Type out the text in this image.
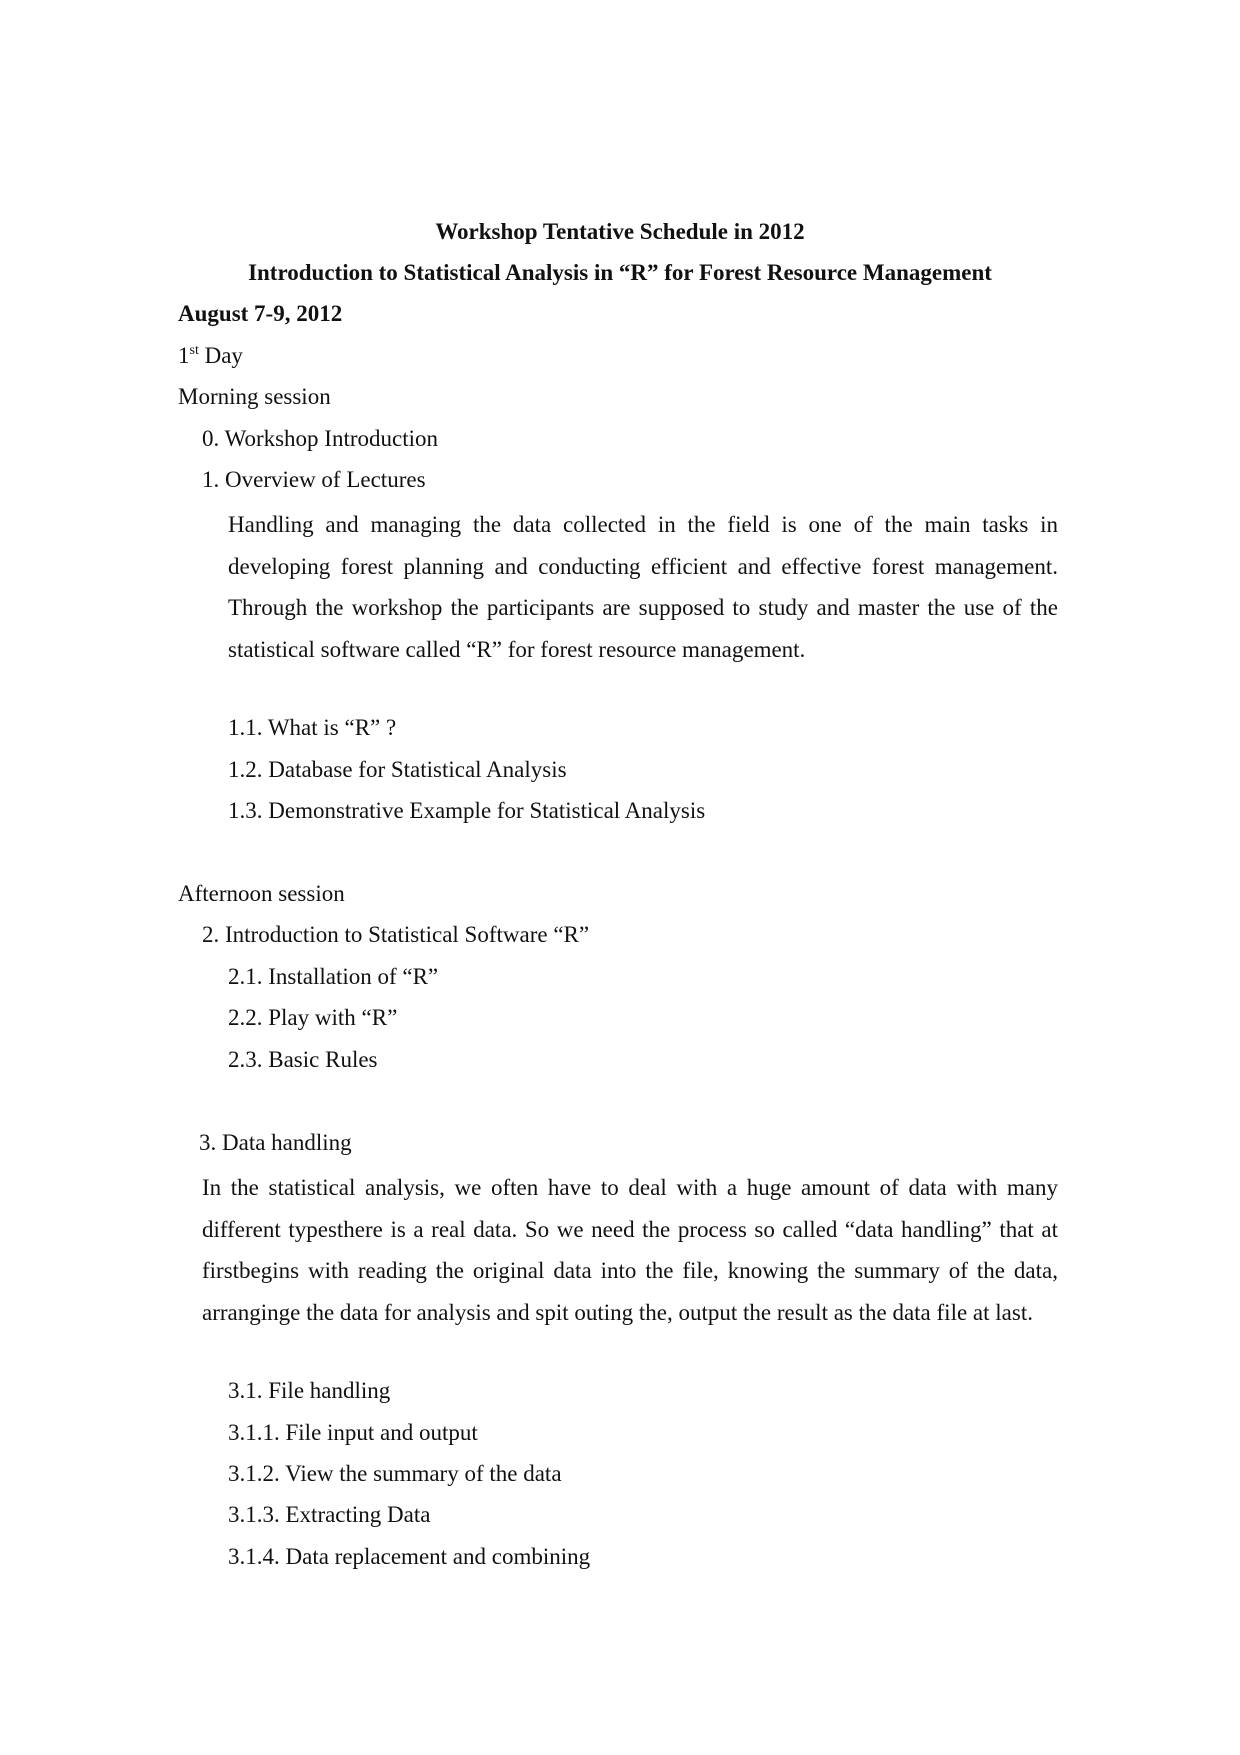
Workshop Tentative Schedule in 2012
Introduction to Statistical Analysis in “R” for Forest Resource Management
August 7-9, 2012
1st Day
Morning session
0. Workshop Introduction
1. Overview of Lectures
Handling and managing the data collected in the field is one of the main tasks in developing forest planning and conducting efficient and effective forest management. Through the workshop the participants are supposed to study and master the use of the statistical software called “R” for forest resource management.
1.1. What is “R” ?
1.2. Database for Statistical Analysis
1.3. Demonstrative Example for Statistical Analysis
Afternoon session
2. Introduction to Statistical Software “R”
2.1. Installation of “R”
2.2. Play with “R”
2.3. Basic Rules
3. Data handling
In the statistical analysis, we often have to deal with a huge amount of data with many different typesthere is a real data. So we need the process so called “data handling” that at firstbegins with reading the original data into the file, knowing the summary of the data, arranginge the data for analysis and spit outing the, output the result as the data file at last.
3.1. File handling
3.1.1. File input and output
3.1.2. View the summary of the data
3.1.3. Extracting Data
3.1.4. Data replacement and combining
